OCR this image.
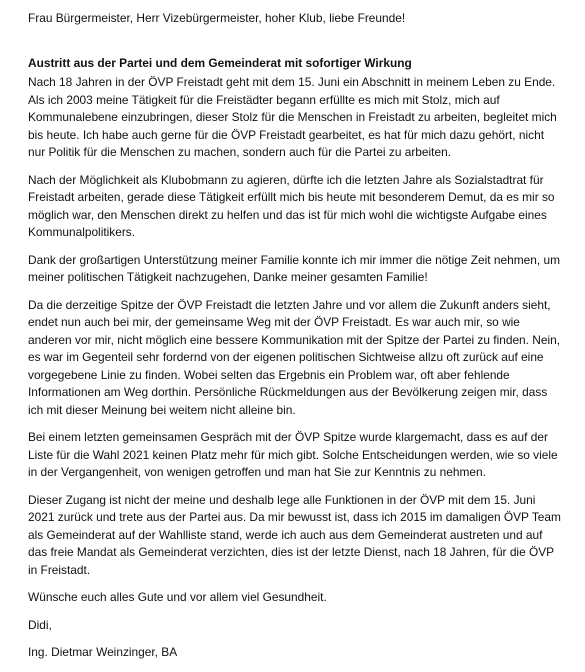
Frau Bürgermeister, Herr Vizebürgermeister, hoher Klub, liebe Freunde!

Austritt aus der Partei und dem Gemeinderat mit sofortiger Wirkung

Nach 18 Jahren in der ÖVP Freistadt geht mit dem 15. Juni ein Abschnitt in meinem Leben zu Ende. Als ich 2003 meine Tätigkeit für die Freistädter begann erfüllte es mich mit Stolz, mich auf Kommunalebene einzubringen, dieser Stolz für die Menschen in Freistadt zu arbeiten, begleitet mich bis heute. Ich habe auch gerne für die ÖVP Freistadt gearbeitet, es hat für mich dazu gehört, nicht nur Politik für die Menschen zu machen, sondern auch für die Partei zu arbeiten.

Nach der Möglichkeit als Klubobmann zu agieren, dürfte ich die letzten Jahre als Sozialstadtrat für Freistadt arbeiten, gerade diese Tätigkeit erfüllt mich bis heute mit besonderem Demut, da es mir so möglich war, den Menschen direkt zu helfen und das ist für mich wohl die wichtigste Aufgabe eines Kommunalpolitikers.

Dank der großartigen Unterstützung meiner Familie konnte ich mir immer die nötige Zeit nehmen, um meiner politischen Tätigkeit nachzugehen, Danke meiner gesamten Familie!

Da die derzeitige Spitze der ÖVP Freistadt die letzten Jahre und vor allem die Zukunft anders sieht, endet nun auch bei mir, der gemeinsame Weg mit der ÖVP Freistadt. Es war auch mir, so wie anderen vor mir, nicht möglich eine bessere Kommunikation mit der Spitze der Partei zu finden. Nein, es war im Gegenteil sehr fordernd von der eigenen politischen Sichtweise allzu oft zurück auf eine vorgegebene Linie zu finden. Wobei selten das Ergebnis ein Problem war, oft aber fehlende Informationen am Weg dorthin. Persönliche Rückmeldungen aus der Bevölkerung zeigen mir, dass ich mit dieser Meinung bei weitem nicht alleine bin.

Bei einem letzten gemeinsamen Gespräch mit der ÖVP Spitze wurde klargemacht, dass es auf der Liste für die Wahl 2021 keinen Platz mehr für mich gibt. Solche Entscheidungen werden, wie so viele in der Vergangenheit, von wenigen getroffen und man hat Sie zur Kenntnis zu nehmen.

Dieser Zugang ist nicht der meine und deshalb lege alle Funktionen in der ÖVP mit dem 15. Juni 2021 zurück und trete aus der Partei aus. Da mir bewusst ist, dass ich 2015 im damaligen ÖVP Team als Gemeinderat auf der Wahlliste stand, werde ich auch aus dem Gemeinderat austreten und auf das freie Mandat als Gemeinderat verzichten, dies ist der letzte Dienst, nach 18 Jahren, für die ÖVP in Freistadt.

Wünsche euch alles Gute und vor allem viel Gesundheit.

Didi,

Ing. Dietmar Weinzinger, BA
